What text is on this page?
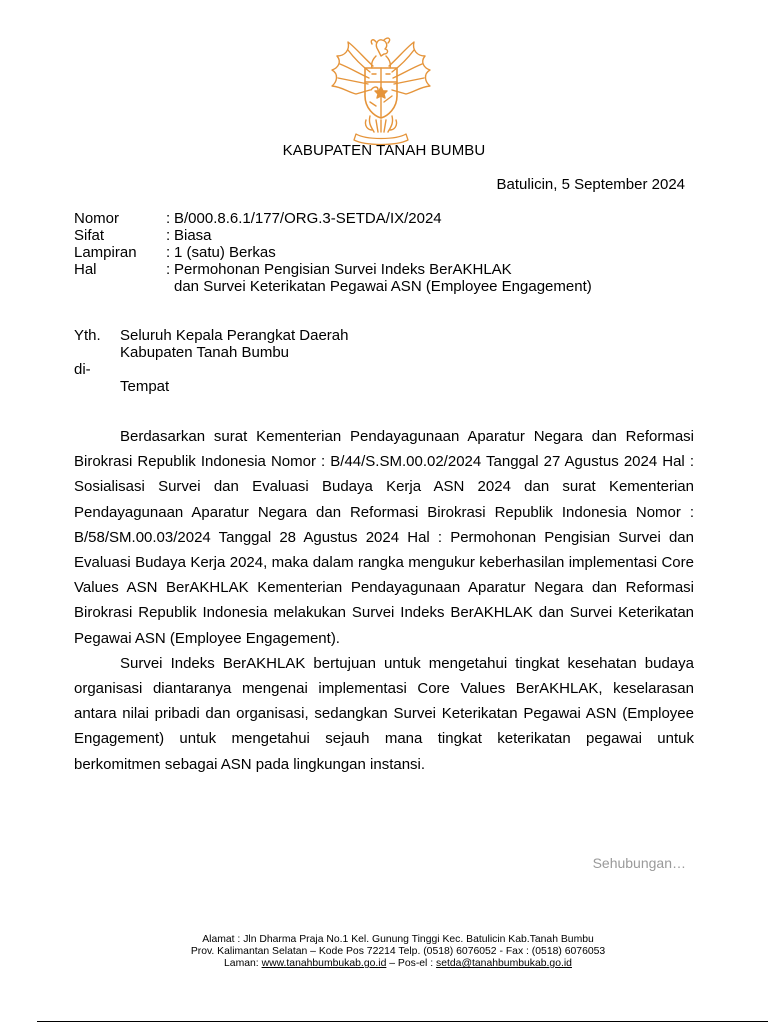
KABUPATEN TANAH BUMBU
Batulicin, 5 September 2024
Nomor	: B/000.8.6.1/177/ORG.3-SETDA/IX/2024
Sifat	: Biasa
Lampiran	: 1 (satu) Berkas
Hal	: Permohonan Pengisian Survei Indeks BerAKHLAK
dan Survei Keterikatan Pegawai ASN (Employee Engagement)
Yth.	Seluruh Kepala Perangkat Daerah
Kabupaten Tanah Bumbu
di-
Tempat

Berdasarkan surat Kementerian Pendayagunaan Aparatur Negara dan Reformasi Birokrasi Republik Indonesia Nomor : B/44/S.SM.00.02/2024 Tanggal 27 Agustus 2024 Hal : Sosialisasi Survei dan Evaluasi Budaya Kerja ASN 2024 dan surat Kementerian Pendayagunaan Aparatur Negara dan Reformasi Birokrasi Republik Indonesia Nomor : B/58/SM.00.03/2024 Tanggal 28 Agustus 2024 Hal : Permohonan Pengisian Survei dan Evaluasi Budaya Kerja 2024, maka dalam rangka mengukur keberhasilan implementasi Core Values ASN BerAKHLAK Kementerian Pendayagunaan Aparatur Negara dan Reformasi Birokrasi Republik Indonesia melakukan Survei Indeks BerAKHLAK dan Survei Keterikatan Pegawai ASN (Employee Engagement).

Survei Indeks BerAKHLAK bertujuan untuk mengetahui tingkat kesehatan budaya organisasi diantaranya mengenai implementasi Core Values BerAKHLAK, keselarasan antara nilai pribadi dan organisasi, sedangkan Survei Keterikatan Pegawai ASN (Employee Engagement) untuk mengetahui sejauh mana tingkat keterikatan pegawai untuk berkomitmen sebagai ASN pada lingkungan instansi.

Sehubungan…
Alamat : Jln Dharma Praja No.1 Kel. Gunung Tinggi Kec. Batulicin Kab.Tanah Bumbu
Prov. Kalimantan Selatan – Kode Pos 72214 Telp. (0518) 6076052 - Fax : (0518) 6076053
Laman: www.tanahbumbukab.go.id – Pos-el : setda@tanahbumbukab.go.id
